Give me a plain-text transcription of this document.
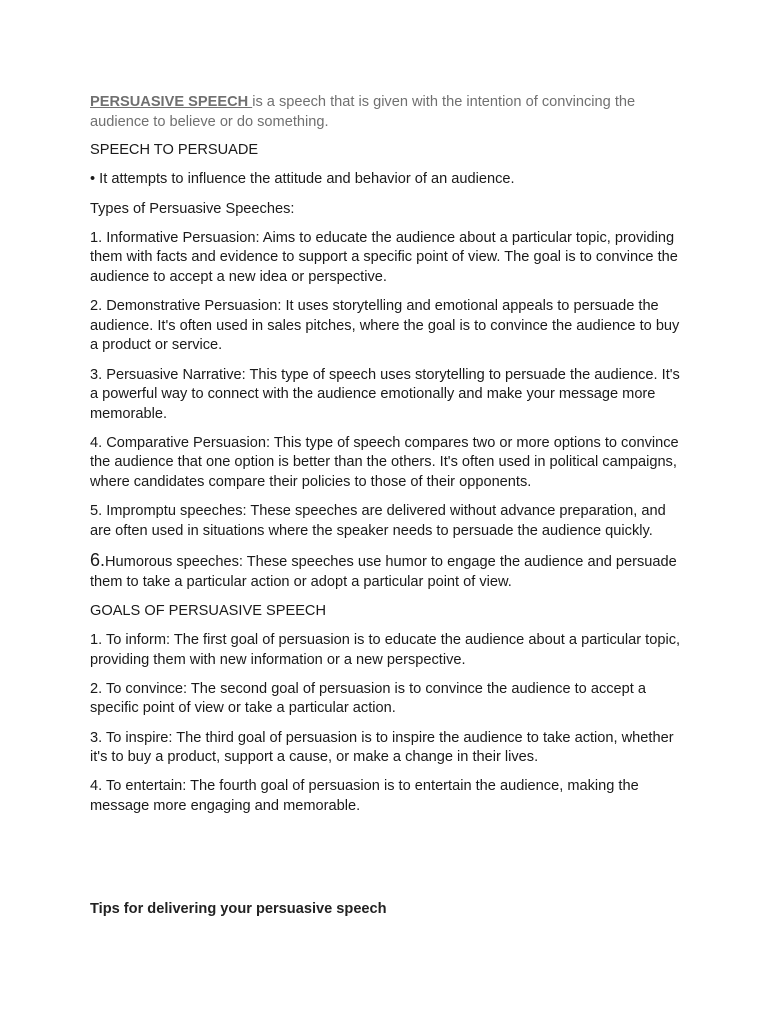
PERSUASIVE SPEECH is a speech that is given with the intention of convincing the audience to believe or do something.

SPEECH TO PERSUADE

• It attempts to influence the attitude and behavior of an audience.

Types of Persuasive Speeches:

1. Informative Persuasion: Aims to educate the audience about a particular topic, providing them with facts and evidence to support a specific point of view. The goal is to convince the audience to accept a new idea or perspective.

2. Demonstrative Persuasion: It uses storytelling and emotional appeals to persuade the audience. It's often used in sales pitches, where the goal is to convince the audience to buy a product or service.

3. Persuasive Narrative: This type of speech uses storytelling to persuade the audience. It's a powerful way to connect with the audience emotionally and make your message more memorable.

4. Comparative Persuasion: This type of speech compares two or more options to convince the audience that one option is better than the others. It's often used in political campaigns, where candidates compare their policies to those of their opponents.

5. Impromptu speeches: These speeches are delivered without advance preparation, and are often used in situations where the speaker needs to persuade the audience quickly.

6.Humorous speeches: These speeches use humor to engage the audience and persuade them to take a particular action or adopt a particular point of view.

GOALS OF PERSUASIVE SPEECH

1. To inform: The first goal of persuasion is to educate the audience about a particular topic, providing them with new information or a new perspective.

2. To convince: The second goal of persuasion is to convince the audience to accept a specific point of view or take a particular action.

3. To inspire: The third goal of persuasion is to inspire the audience to take action, whether it's to buy a product, support a cause, or make a change in their lives.

4. To entertain: The fourth goal of persuasion is to entertain the audience, making the message more engaging and memorable.

Tips for delivering your persuasive speech
